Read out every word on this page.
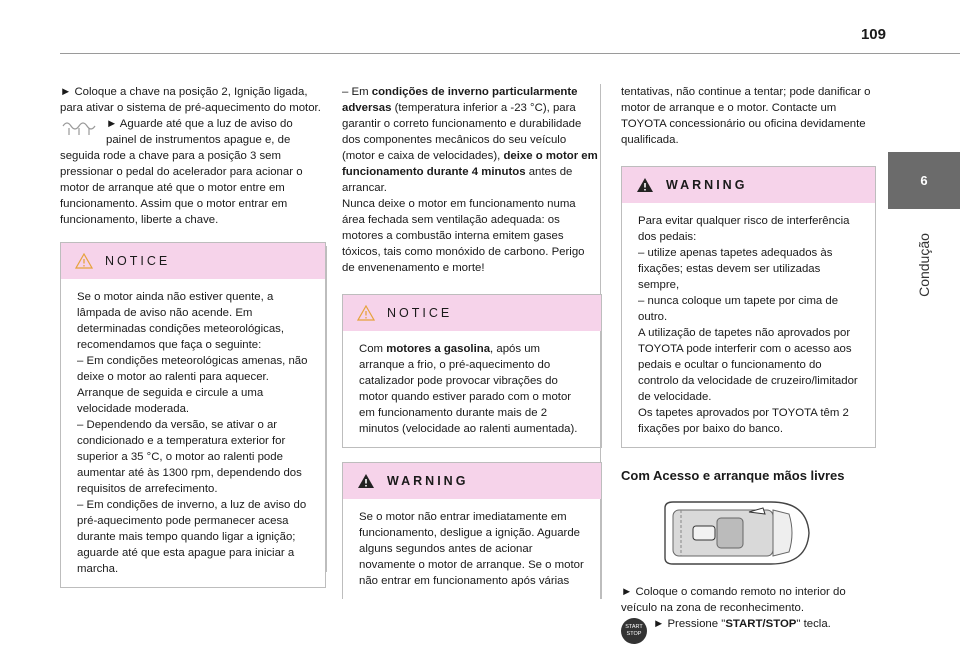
109
6
Condução

► Coloque a chave na posição 2, Ignição ligada, para ativar o sistema de pré-aquecimento do motor.

► Aguarde até que a luz de aviso do painel de instrumentos apague e, de seguida rode a chave para a posição 3 sem pressionar o pedal do acelerador para acionar o motor de arranque até que o motor entre em funcionamento. Assim que o motor entrar em funcionamento, liberte a chave.

NOTICE

Se o motor ainda não estiver quente, a lâmpada de aviso não acende. Em determinadas condições meteorológicas, recomendamos que faça o seguinte:

– Em condições meteorológicas amenas, não deixe o motor ao ralenti para aquecer. Arranque de seguida e circule a uma velocidade moderada.

– Dependendo da versão, se ativar o ar condicionado e a temperatura exterior for superior a 35 °C, o motor ao ralenti pode aumentar até às 1300 rpm, dependendo dos requisitos de arrefecimento.

– Em condições de inverno, a luz de aviso do pré-aquecimento pode permanecer acesa durante mais tempo quando ligar a ignição; aguarde até que esta apague para iniciar a marcha.

– Em condições de inverno particularmente adversas (temperatura inferior a -23 °C), para garantir o correto funcionamento e durabilidade dos componentes mecânicos do seu veículo (motor e caixa de velocidades), deixe o motor em funcionamento durante 4 minutos antes de arrancar.

Nunca deixe o motor em funcionamento numa área fechada sem ventilação adequada: os motores a combustão interna emitem gases tóxicos, tais como monóxido de carbono. Perigo de envenenamento e morte!

NOTICE

Com motores a gasolina, após um arranque a frio, o pré-aquecimento do catalizador pode provocar vibrações do motor quando estiver parado com o motor em funcionamento durante mais de 2 minutos (velocidade ao ralenti aumentada).

WARNING

Se o motor não entrar imediatamente em funcionamento, desligue a ignição. Aguarde alguns segundos antes de acionar novamente o motor de arranque. Se o motor não entrar em funcionamento após várias

tentativas, não continue a tentar; pode danificar o motor de arranque e o motor. Contacte um TOYOTA concessionário ou oficina devidamente qualificada.

WARNING

Para evitar qualquer risco de interferência dos pedais:

– utilize apenas tapetes adequados às fixações; estas devem ser utilizadas sempre,

– nunca coloque um tapete por cima de outro.

A utilização de tapetes não aprovados por TOYOTA pode interferir com o acesso aos pedais e ocultar o funcionamento do controlo da velocidade de cruzeiro/limitador de velocidade.

Os tapetes aprovados por TOYOTA têm 2 fixações por baixo do banco.

Com Acesso e arranque mãos livres

► Coloque o comando remoto no interior do veículo na zona de reconhecimento.

START
STOP

► Pressione "START/STOP" tecla.
